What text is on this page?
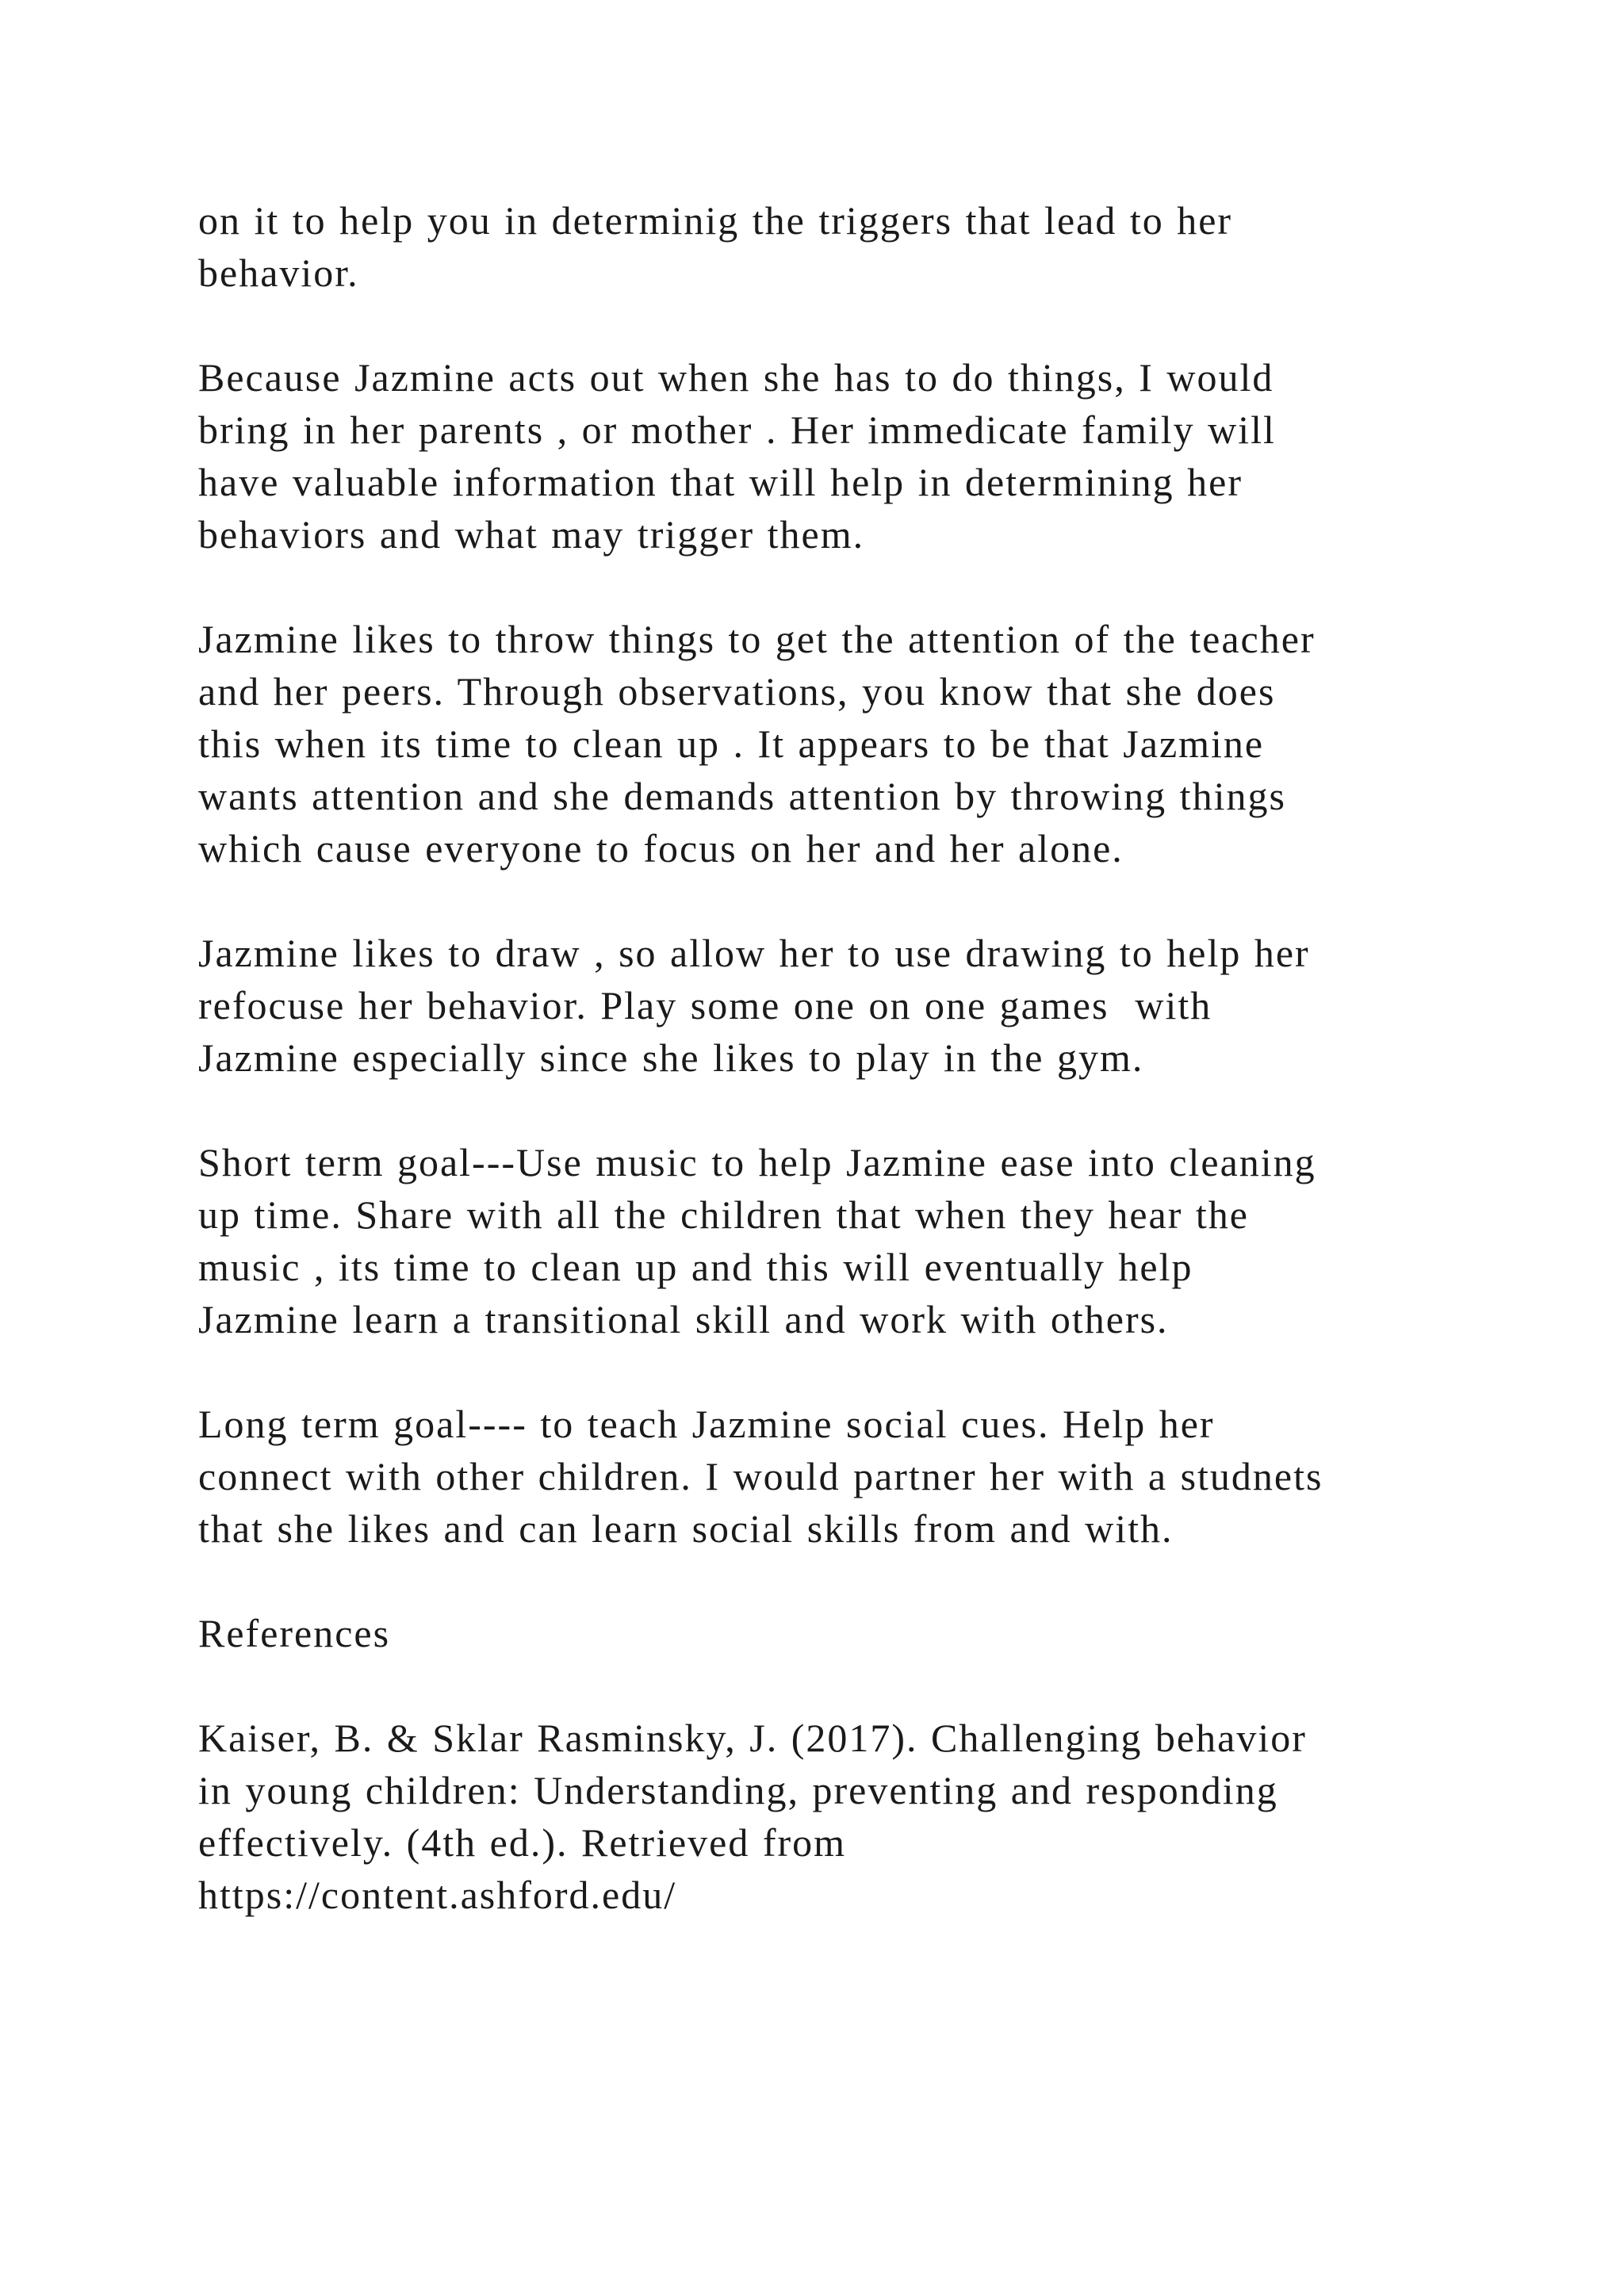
on it to help you in determinig the triggers that lead to her
behavior.
Because Jazmine acts out when she has to do things, I would
bring in her parents , or mother . Her immedicate family will
have valuable information that will help in determining her
behaviors and what may trigger them.
Jazmine likes to throw things to get the attention of the teacher
and her peers. Through observations, you know that she does
this when its time to clean up . It appears to be that Jazmine
wants attention and she demands attention by throwing things
which cause everyone to focus on her and her alone.
Jazmine likes to draw , so allow her to use drawing to help her
refocuse her behavior. Play some one on one games  with
Jazmine especially since she likes to play in the gym.
Short term goal---Use music to help Jazmine ease into cleaning
up time. Share with all the children that when they hear the
music , its time to clean up and this will eventually help
Jazmine learn a transitional skill and work with others.
Long term goal---- to teach Jazmine social cues. Help her
connect with other children. I would partner her with a studnets
that she likes and can learn social skills from and with.
References
Kaiser, B. & Sklar Rasminsky, J. (2017). Challenging behavior
in young children: Understanding, preventing and responding
effectively. (4th ed.). Retrieved from
https://content.ashford.edu/
